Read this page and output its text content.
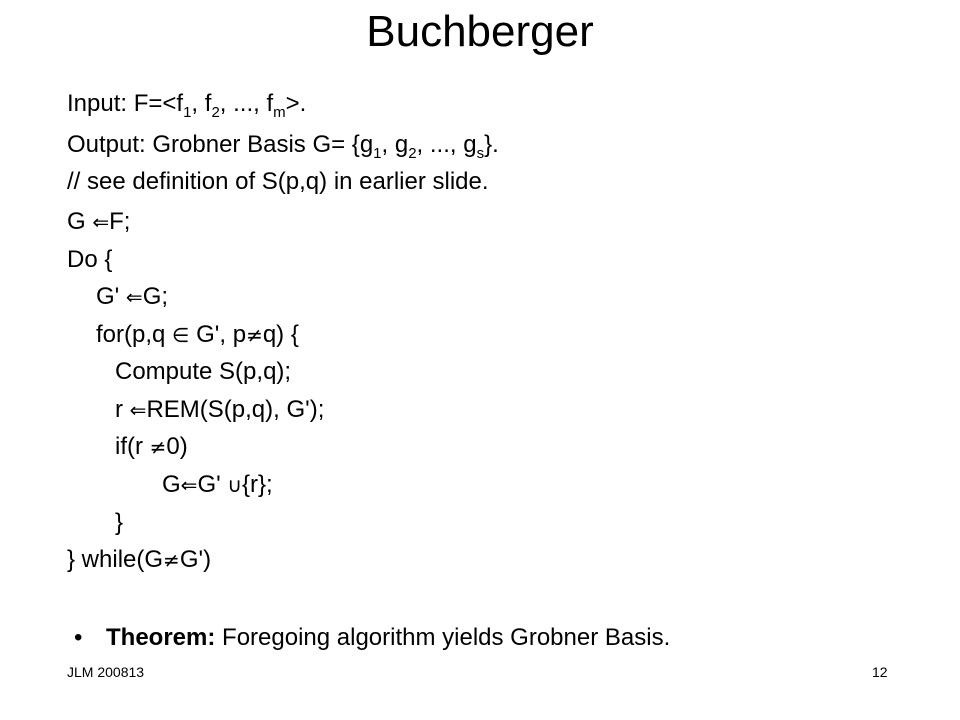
Buchberger
Input: $F=<f_1$, $f_2$, ..., $f_m>$.
Output: Grobner Basis $G= \{g_1$, $g_2$, ..., $g_s$}.
// see definition of S(p,q) in earlier slide.
G ⇐F;
Do {
G' ⇐G;
for(p,q ∈ G', p≠q) {
Compute S(p,q);
r ⇐REM(S(p,q), G');
if(r ≠0)
G⇐G' ∪{r};
}
} while(G≠G')
• Theorem: Foregoing algorithm yields Grobner Basis.
JLM 200813	12
